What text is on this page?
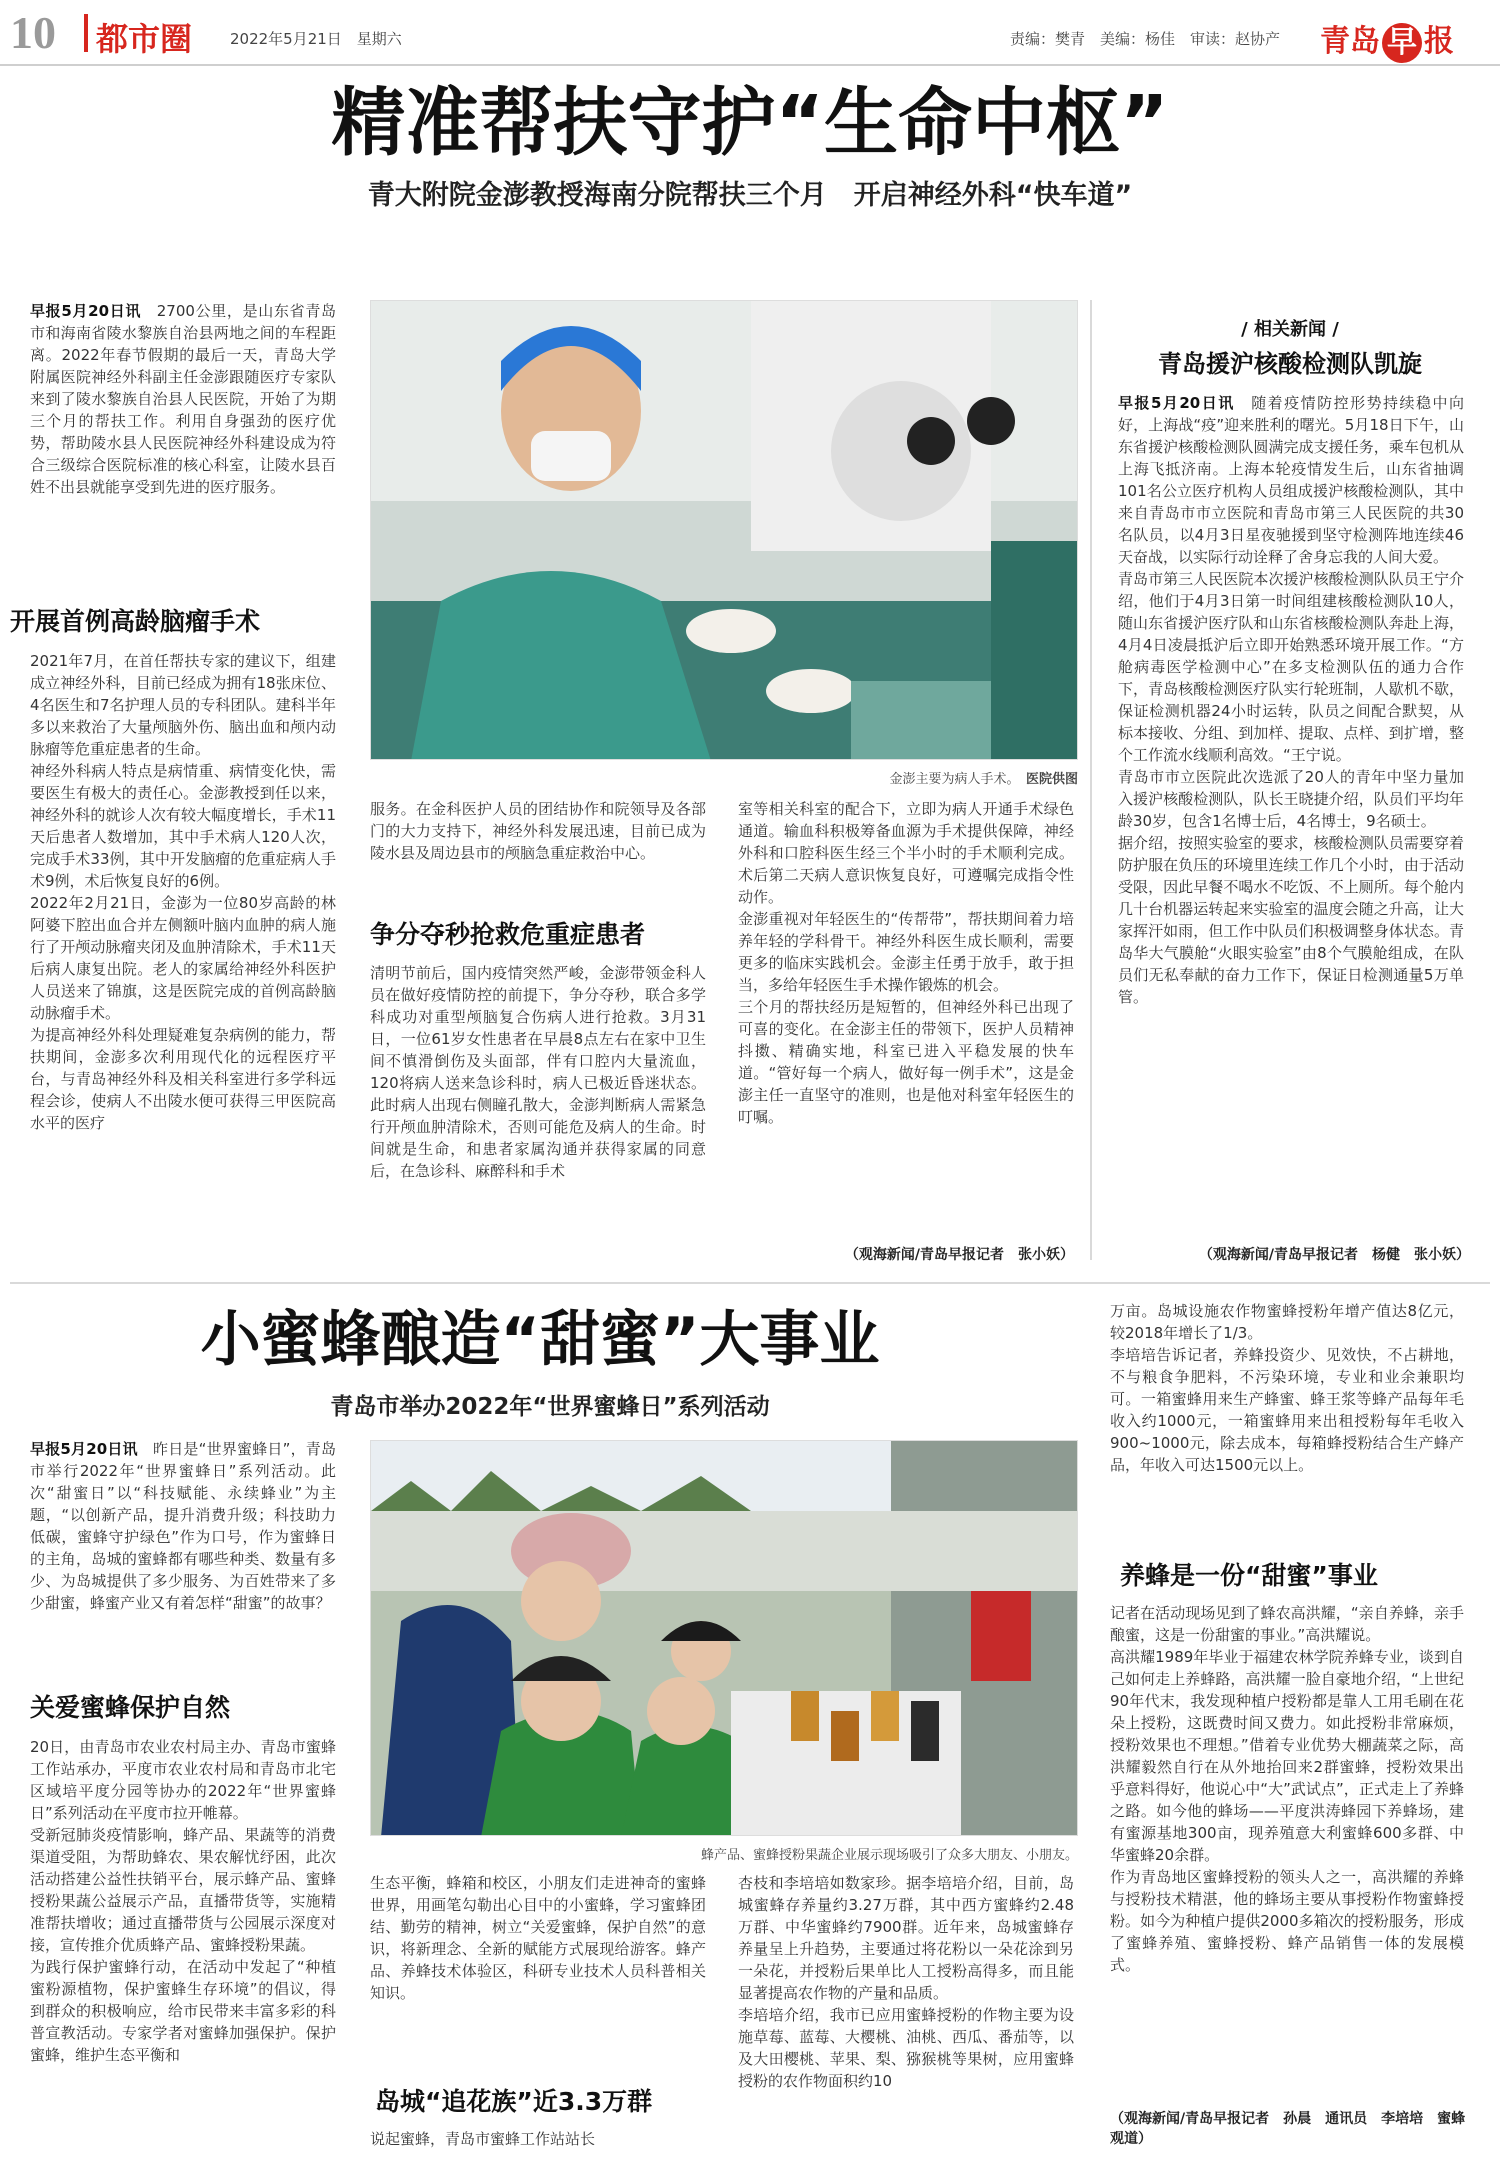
10 都市圈	2022年5月21日　星期六	责编：樊青　美编：杨佳　审读：赵协产 青岛 早 报
精准帮扶守护“生命中枢”
青大附院金澎教授海南分院帮扶三个月　开启神经外科“快车道”
早报5月20日讯　 2700公里，是山东省青岛市和海南省陵水黎族自治县两地之间的车程距离。2022年春节假期的最后一天，青岛大学附属医院神经外科副主任金澎跟随医疗专家队来到了陵水黎族自治县人民医院，开始了为期三个月的帮扶工作。利用自身强劲的医疗优势，帮助陵水县人民医院神经外科建设成为符合三级综合医院标准的核心科室，让陵水县百姓不出县就能享受到先进的医疗服务。
开展首例高龄脑瘤手术

2021年7月，在首任帮扶专家的建议下，组建成立神经外科，目前已经成为拥有18张床位、4名医生和7名护理人员的专科团队。建科半年多以来救治了大量颅脑外伤、脑出血和颅内动脉瘤等危重症患者的生命。

神经外科病人特点是病情重、病情变化快，需要医生有极大的责任心。金澎教授到任以来，神经外科的就诊人次有较大幅度增长，手术11天后患者人数增加，其中手术病人120人次，完成手术33例，其中开发脑瘤的危重症病人手术9例，术后恢复良好的6例。

2022年2月21日，金澎为一位80岁高龄的林阿婆下腔出血合并左侧额叶脑内血肿的病人施行了开颅动脉瘤夹闭及血肿清除术，手术11天后病人康复出院。老人的家属给神经外科医护人员送来了锦旗，这是医院完成的首例高龄脑动脉瘤手术。

为提高神经外科处理疑难复杂病例的能力，帮扶期间，金澎多次利用现代化的远程医疗平台，与青岛神经外科及相关科室进行多学科远程会诊，使病人不出陵水便可获得三甲医院高水平的医疗

金澎主要为病人手术。　 医院供图
服务。在金科医护人员的团结协作和院领导及各部门的大力支持下，神经外科发展迅速，目前已成为陵水县及周边县市的颅脑急重症救治中心。
争分夺秒抢救危重症患者
清明节前后，国内疫情突然严峻，金澎带领金科人员在做好疫情防控的前提下，争分夺秒，联合多学科成功对重型颅脑复合伤病人进行抢救。3月31日，一位61岁女性患者在早晨8点左右在家中卫生间不慎滑倒伤及头面部，伴有口腔内大量流血，120将病人送来急诊科时，病人已极近昏迷状态。此时病人出现右侧瞳孔散大，金澎判断病人需紧急行开颅血肿清除术，否则可能危及病人的生命。时间就是生命，和患者家属沟通并获得家属的同意后，在急诊科、麻醉科和手术

室等相关科室的配合下，立即为病人开通手术绿色通道。输血科积极筹备血源为手术提供保障，神经外科和口腔科医生经三个半小时的手术顺利完成。术后第二天病人意识恢复良好，可遵嘱完成指令性动作。

金澎重视对年轻医生的“传帮带”，帮扶期间着力培养年轻的学科骨干。神经外科医生成长顺利，需要更多的临床实践机会。金澎主任勇于放手，敢于担当，多给年轻医生手术操作锻炼的机会。

三个月的帮扶经历是短暂的，但神经外科已出现了可喜的变化。在金澎主任的带领下，医护人员精神抖擞、精确实地，科室已进入平稳发展的快车道。“管好每一个病人，做好每一例手术”，这是金澎主任一直坚守的准则，也是他对科室年轻医生的叮嘱。

（观海新闻/青岛早报记者　张小妖）
/ 相关新闻 /
青岛援沪核酸检测队凯旋

早报5月20日讯　 随着疫情防控形势持续稳中向好，上海战“疫”迎来胜利的曙光。5月18日下午，山东省援沪核酸检测队圆满完成支援任务，乘车包机从上海飞抵济南。上海本轮疫情发生后，山东省抽调101名公立医疗机构人员组成援沪核酸检测队，其中来自青岛市市立医院和青岛市第三人民医院的共30名队员，以4月3日星夜驰援到坚守检测阵地连续46天奋战，以实际行动诠释了舍身忘我的人间大爱。

青岛市第三人民医院本次援沪核酸检测队队员王宁介绍，他们于4月3日第一时间组建核酸检测队10人，随山东省援沪医疗队和山东省核酸检测队奔赴上海，4月4日凌晨抵沪后立即开始熟悉环境开展工作。“方舱病毒医学检测中心”在多支检测队伍的通力合作下，青岛核酸检测医疗队实行轮班制，人歇机不歇，保证检测机器24小时运转，队员之间配合默契，从标本接收、分组、到加样、提取、点样、到扩增，整个工作流水线顺利高效。“王宁说。

青岛市市立医院此次选派了20人的青年中坚力量加入援沪核酸检测队，队长王晓捷介绍，队员们平均年龄30岁，包含1名博士后，4名博士，9名硕士。

据介绍，按照实验室的要求，核酸检测队员需要穿着防护服在负压的环境里连续工作几个小时，由于活动受限，因此早餐不喝水不吃饭、不上厕所。每个舱内几十台机器运转起来实验室的温度会随之升高，让大家挥汗如雨，但工作中队员们积极调整身体状态。青岛华大气膜舱“火眼实验室”由8个气膜舱组成，在队员们无私奉献的奋力工作下，保证日检测通量5万单管。

（观海新闻/青岛早报记者　杨健　张小妖）
小蜜蜂酿造“甜蜜”大事业
青岛市举办2022年“世界蜜蜂日”系列活动
早报5月20日讯　 昨日是“世界蜜蜂日”，青岛市举行2022年“世界蜜蜂日”系列活动。此次“甜蜜日”以“科技赋能、永续蜂业”为主题，“以创新产品，提升消费升级；科技助力低碳，蜜蜂守护绿色”作为口号，作为蜜蜂日的主角，岛城的蜜蜂都有哪些种类、数量有多少、为岛城提供了多少服务、为百姓带来了多少甜蜜，蜂蜜产业又有着怎样“甜蜜”的故事？
关爱蜜蜂保护自然

20日，由青岛市农业农村局主办、青岛市蜜蜂工作站承办，平度市农业农村局和青岛市北宅区域培平度分园等协办的2022年“世界蜜蜂日”系列活动在平度市拉开帷幕。

受新冠肺炎疫情影响，蜂产品、果蔬等的消费渠道受阻，为帮助蜂农、果农解忧纾困，此次活动搭建公益性扶销平台，展示蜂产品、蜜蜂授粉果蔬公益展示产品，直播带货等，实施精准帮扶增收；通过直播带货与公园展示深度对接，宣传推介优质蜂产品、蜜蜂授粉果蔬。

为践行保护蜜蜂行动，在活动中发起了“种植蜜粉源植物，保护蜜蜂生存环境”的倡议，得到群众的积极响应，给市民带来丰富多彩的科普宣教活动。专家学者对蜜蜂加强保护。保护蜜蜂，维护生态平衡和

蜂产品、蜜蜂授粉果蔬企业展示现场吸引了众多大朋友、小朋友。
生态平衡，蜂箱和校区，小朋友们走进神奇的蜜蜂世界，用画笔勾勒出心目中的小蜜蜂，学习蜜蜂团结、勤劳的精神，树立“关爱蜜蜂，保护自然”的意识，将新理念、全新的赋能方式展现给游客。蜂产品、养蜂技术体验区，科研专业技术人员科普相关知识。
岛城“追花族”近3.3万群
说起蜜蜂，青岛市蜜蜂工作站站长

杏枝和李培培如数家珍。据李培培介绍，目前，岛城蜜蜂存养量约3.27万群，其中西方蜜蜂约2.48万群、中华蜜蜂约7900群。近年来，岛城蜜蜂存养量呈上升趋势，主要通过将花粉以一朵花涂到另一朵花，并授粉后果单比人工授粉高得多，而且能显著提高农作物的产量和品质。

李培培介绍，我市已应用蜜蜂授粉的作物主要为设施草莓、蓝莓、大樱桃、油桃、西瓜、番茄等，以及大田樱桃、苹果、梨、猕猴桃等果树，应用蜜蜂授粉的农作物面积约10

万亩。岛城设施农作物蜜蜂授粉年增产值达8亿元，较2018年增长了1/3。

李培培告诉记者，养蜂投资少、见效快，不占耕地，不与粮食争肥料，不污染环境，专业和业余兼职均可。一箱蜜蜂用来生产蜂蜜、蜂王浆等蜂产品每年毛收入约1000元，一箱蜜蜂用来出租授粉每年毛收入900~1000元，除去成本，每箱蜂授粉结合生产蜂产品，年收入可达1500元以上。

养蜂是一份“甜蜜”事业

记者在活动现场见到了蜂农高洪耀，“亲自养蜂，亲手酿蜜，这是一份甜蜜的事业。”高洪耀说。

高洪耀1989年毕业于福建农林学院养蜂专业，谈到自己如何走上养蜂路，高洪耀一脸自豪地介绍，“上世纪90年代末，我发现种植户授粉都是靠人工用毛刷在花朵上授粉，这既费时间又费力。如此授粉非常麻烦，授粉效果也不理想。”借着专业优势大棚蔬菜之际，高洪耀毅然自行在从外地抬回来2群蜜蜂，授粉效果出乎意料得好，他说心中“大”武试点”，正式走上了养蜂之路。如今他的蜂场——平度洪涛蜂园下养蜂场，建有蜜源基地300亩，现养殖意大利蜜蜂600多群、中华蜜蜂20余群。

作为青岛地区蜜蜂授粉的领头人之一，高洪耀的养蜂与授粉技术精湛，他的蜂场主要从事授粉作物蜜蜂授粉。如今为种植户提供2000多箱次的授粉服务，形成了蜜蜂养殖、蜜蜂授粉、蜂产品销售一体的发展模式。

（观海新闻/青岛早报记者　孙晨　通讯员　李培培　蜜蜂观道）
